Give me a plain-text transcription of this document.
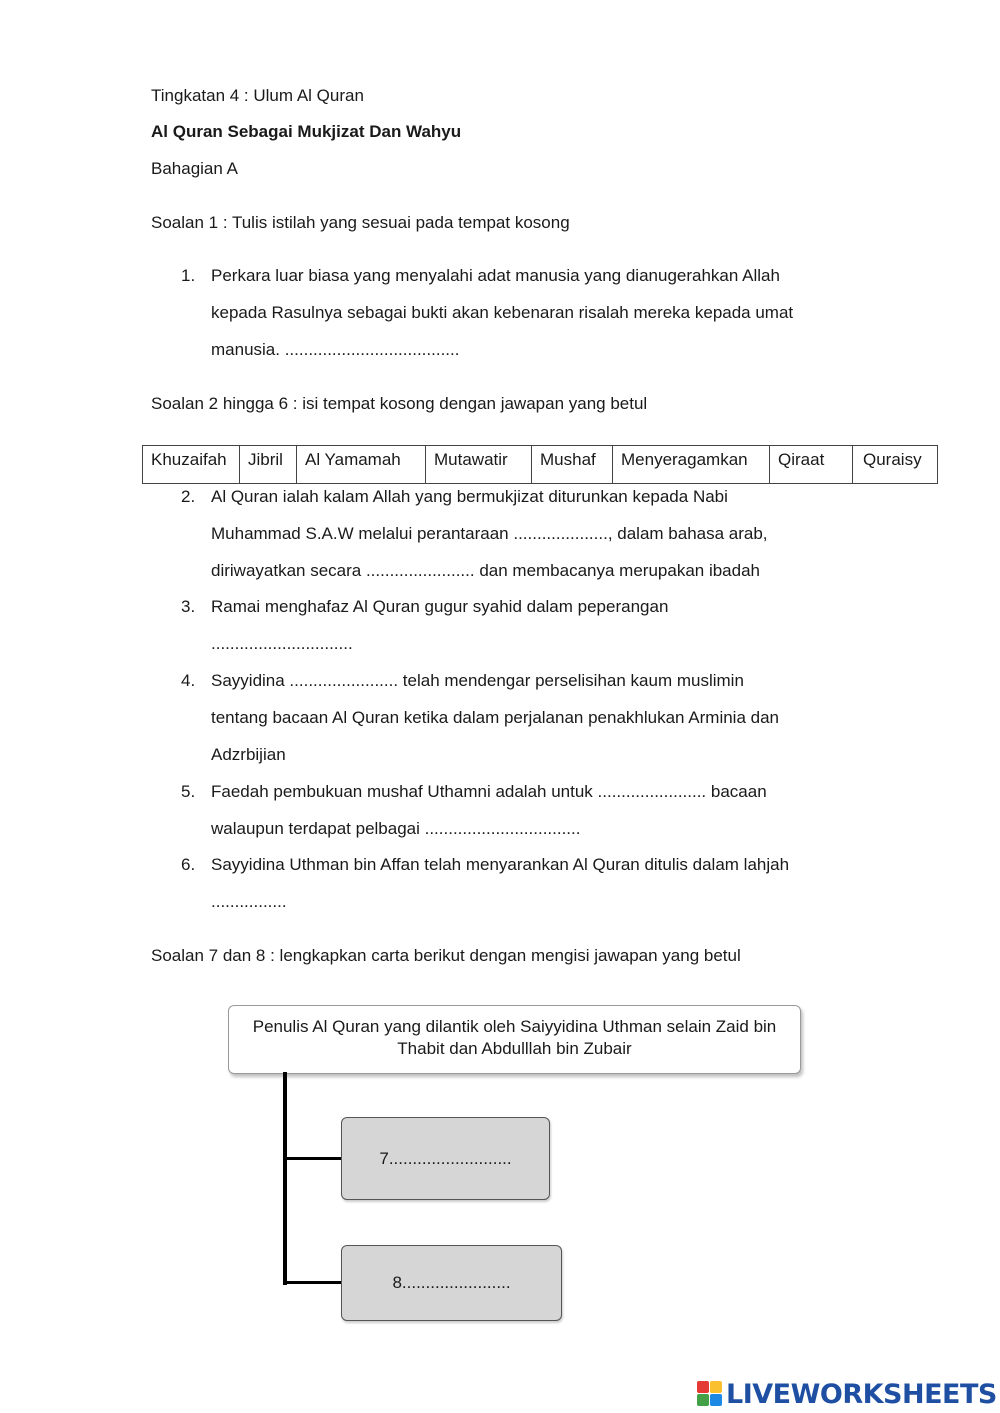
Tingkatan 4 : Ulum Al Quran
Al Quran Sebagai Mukjizat Dan Wahyu
Bahagian A
Soalan 1 : Tulis istilah yang sesuai pada tempat kosong
1. Perkara luar biasa yang menyalahi adat manusia yang dianugerahkan Allah
kepada Rasulnya sebagai bukti akan kebenaran risalah mereka kepada umat
manusia. .....................................
Soalan 2 hingga 6 : isi tempat kosong dengan jawapan yang betul
Khuzaifah	Jibril	Al Yamamah	Mutawatir	Mushaf	Menyeragamkan	Qiraat	Quraisy
2. Al Quran ialah kalam Allah yang bermukjizat diturunkan kepada Nabi
Muhammad S.A.W melalui perantaraan ...................., dalam bahasa arab,
diriwayatkan secara ....................... dan membacanya merupakan ibadah
3. Ramai menghafaz Al Quran gugur syahid dalam peperangan
..............................
4. Sayyidina ....................... telah mendengar perselisihan kaum muslimin
tentang bacaan Al Quran ketika dalam perjalanan penakhlukan Arminia dan
Adzrbijian
5. Faedah pembukuan mushaf Uthamni adalah untuk ....................... bacaan
walaupun terdapat pelbagai .................................
6. Sayyidina Uthman bin Affan telah menyarankan Al Quran ditulis dalam lahjah
................
Soalan 7 dan 8 : lengkapkan carta berikut dengan mengisi jawapan yang betul
Penulis Al Quran yang dilantik oleh Saiyyidina Uthman selain Zaid bin
Thabit dan Abdulllah bin Zubair
7..........................
8.......................
LIVEWORKSHEETS
